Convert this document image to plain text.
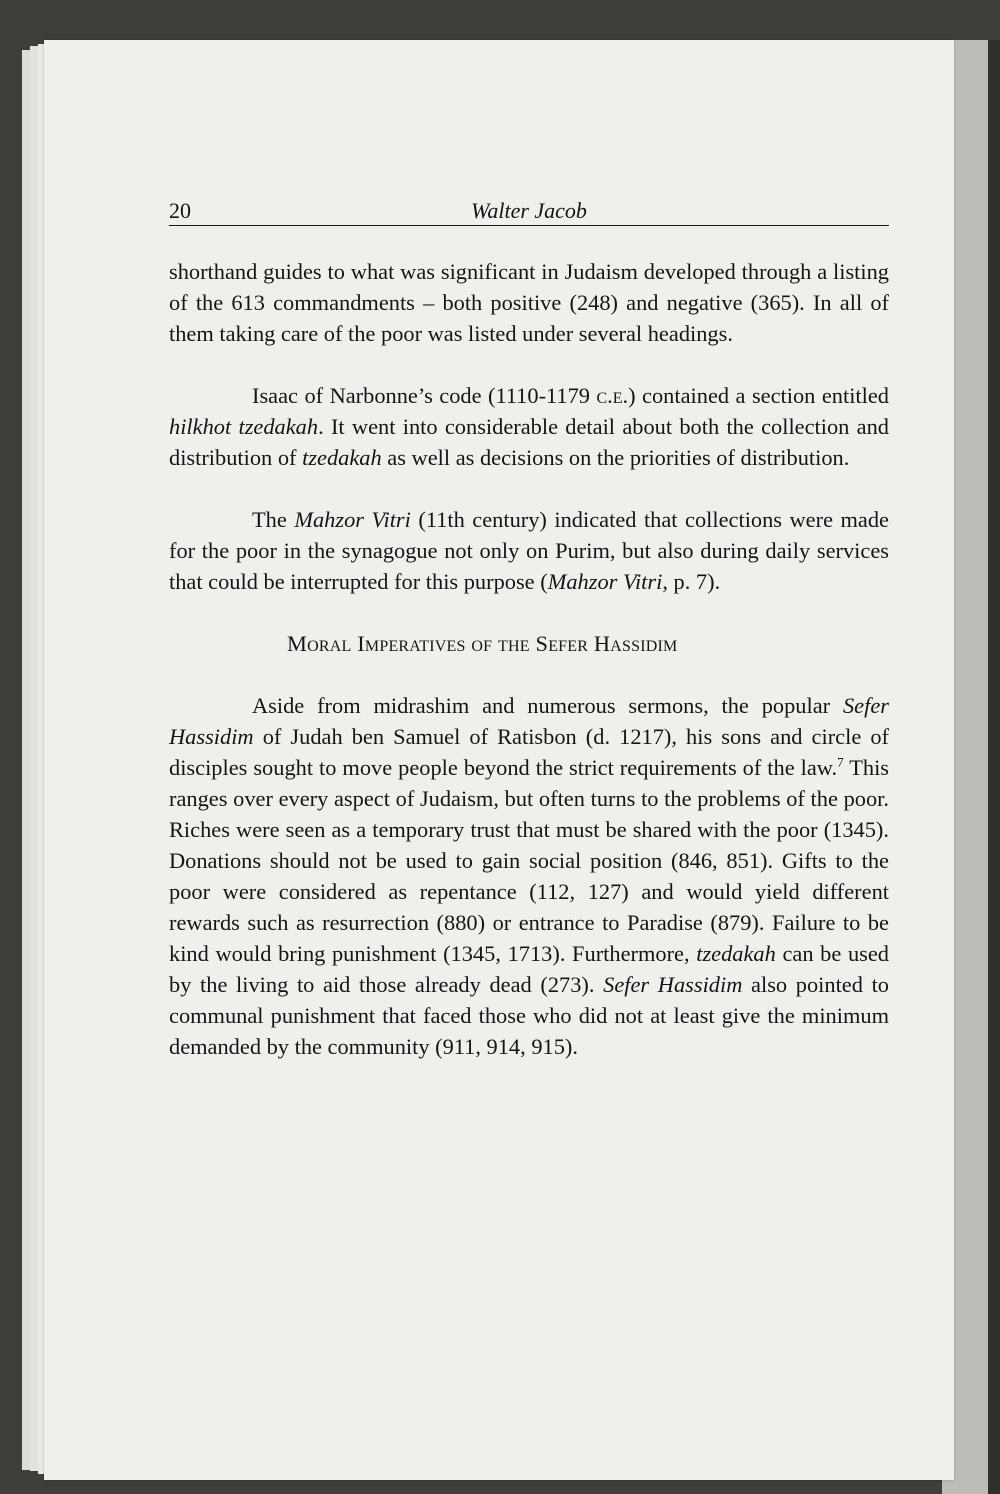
20	Walter Jacob

shorthand guides to what was significant in Judaism developed through a listing of the 613 commandments – both positive (248) and negative (365). In all of them taking care of the poor was listed under several headings.

Isaac of Narbonne’s code (1110-1179 c.e.) contained a section entitled hilkhot tzedakah. It went into considerable detail about both the collection and distribution of tzedakah as well as decisions on the priorities of distribution.

The Mahzor Vitri (11th century) indicated that collections were made for the poor in the synagogue not only on Purim, but also during daily services that could be interrupted for this purpose (Mahzor Vitri, p. 7).

Moral Imperatives of the Sefer Hassidim

Aside from midrashim and numerous sermons, the popular Sefer Hassidim of Judah ben Samuel of Ratisbon (d. 1217), his sons and circle of disciples sought to move people beyond the strict requirements of the law.$^7$ This ranges over every aspect of Judaism, but often turns to the problems of the poor. Riches were seen as a temporary trust that must be shared with the poor (1345). Donations should not be used to gain social position (846, 851). Gifts to the poor were considered as repentance (112, 127) and would yield different rewards such as resurrection (880) or entrance to Paradise (879). Failure to be kind would bring punishment (1345, 1713). Furthermore, tzedakah can be used by the living to aid those already dead (273). Sefer Hassidim also pointed to communal punishment that faced those who did not at least give the minimum demanded by the community (911, 914, 915).
